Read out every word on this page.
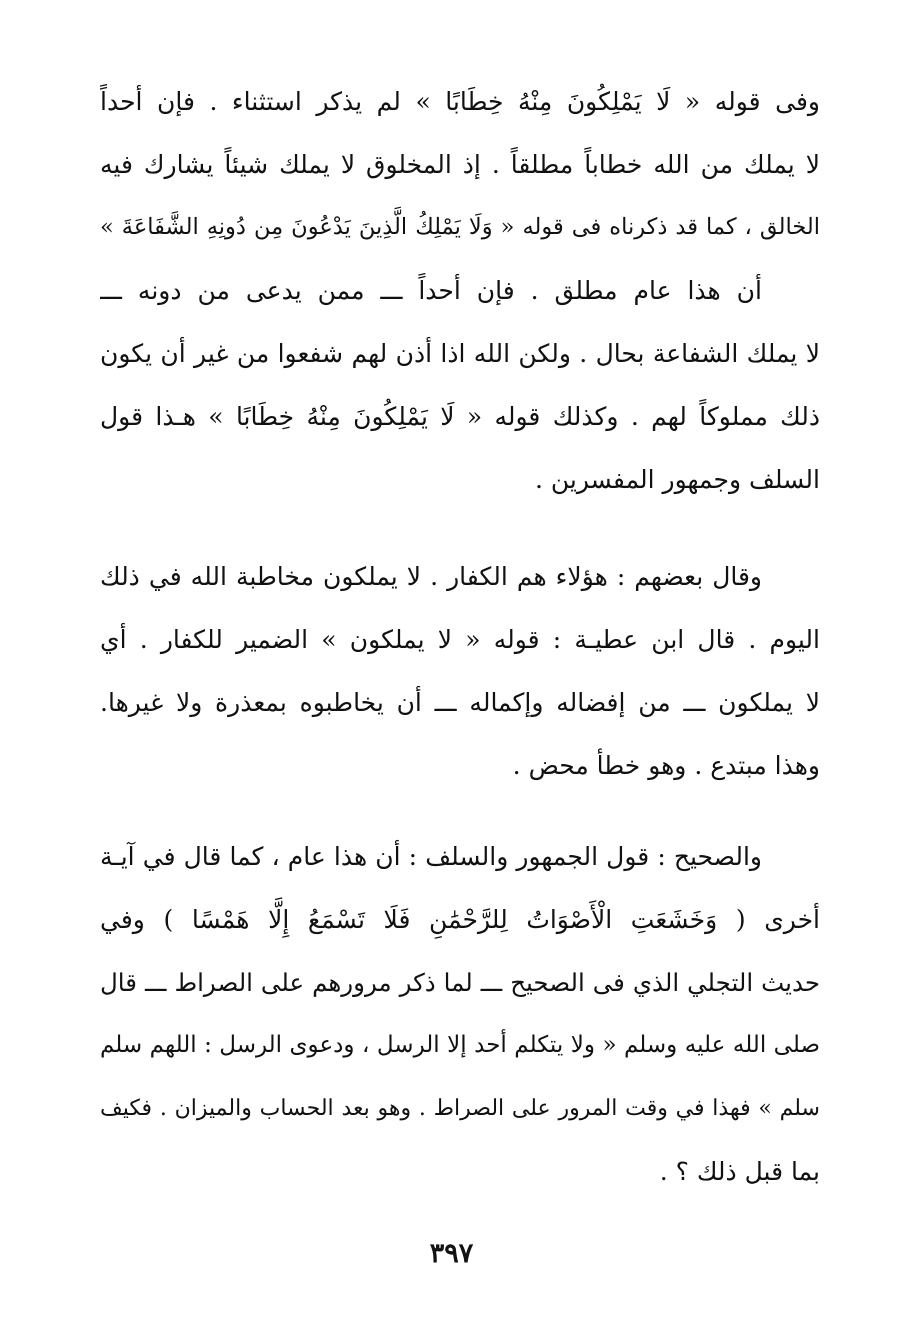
وفى قوله « لَا يَمْلِكُونَ مِنْهُ خِطَابًا » لم يذكر استثناء . فإن أحداً
لا يملك من الله خطاباً مطلقاً . إذ المخلوق لا يملك شيئاً يشارك فيه
الخالق ، كما قد ذكرناه فى قوله « وَلَا يَمْلِكُ الَّذِينَ يَدْعُونَ مِن دُونِهِ الشَّفَاعَةَ »
أن هذا عام مطلق . فإن أحداً ـــ ممن يدعى من دونه ـــ
لا يملك الشفاعة بحال . ولكن الله اذا أذن لهم شفعوا من غير أن يكون
ذلك مملوكاً لهم . وكذلك قوله « لَا يَمْلِكُونَ مِنْهُ خِطَابًا » هـذا قول
السلف وجمهور المفسرين .
وقال بعضهم : هؤلاء هم الكفار . لا يملكون مخاطبة الله في ذلك
اليوم . قال ابن عطيـة : قوله « لا يملكون » الضمير للكفار . أي
لا يملكون ـــ من إفضاله وإكماله ـــ أن يخاطبوه بمعذرة ولا غيرها.
وهذا مبتدع . وهو خطأ محض .
والصحيح : قول الجمهور والسلف : أن هذا عام ، كما قال في آيـة
أخرى ( وَخَشَعَتِ الْأَصْوَاتُ لِلرَّحْمَٰنِ فَلَا تَسْمَعُ إِلَّا هَمْسًا ) وفي
حديث التجلي الذي فى الصحيح ـــ لما ذكر مرورهم على الصراط ـــ قال
صلى الله عليه وسلم « ولا يتكلم أحد إلا الرسل ، ودعوى الرسل : اللهم سلم
سلم » فهذا في وقت المرور على الصراط . وهو بعد الحساب والميزان . فكيف
بما قبل ذلك ؟ .
٣٩٧
